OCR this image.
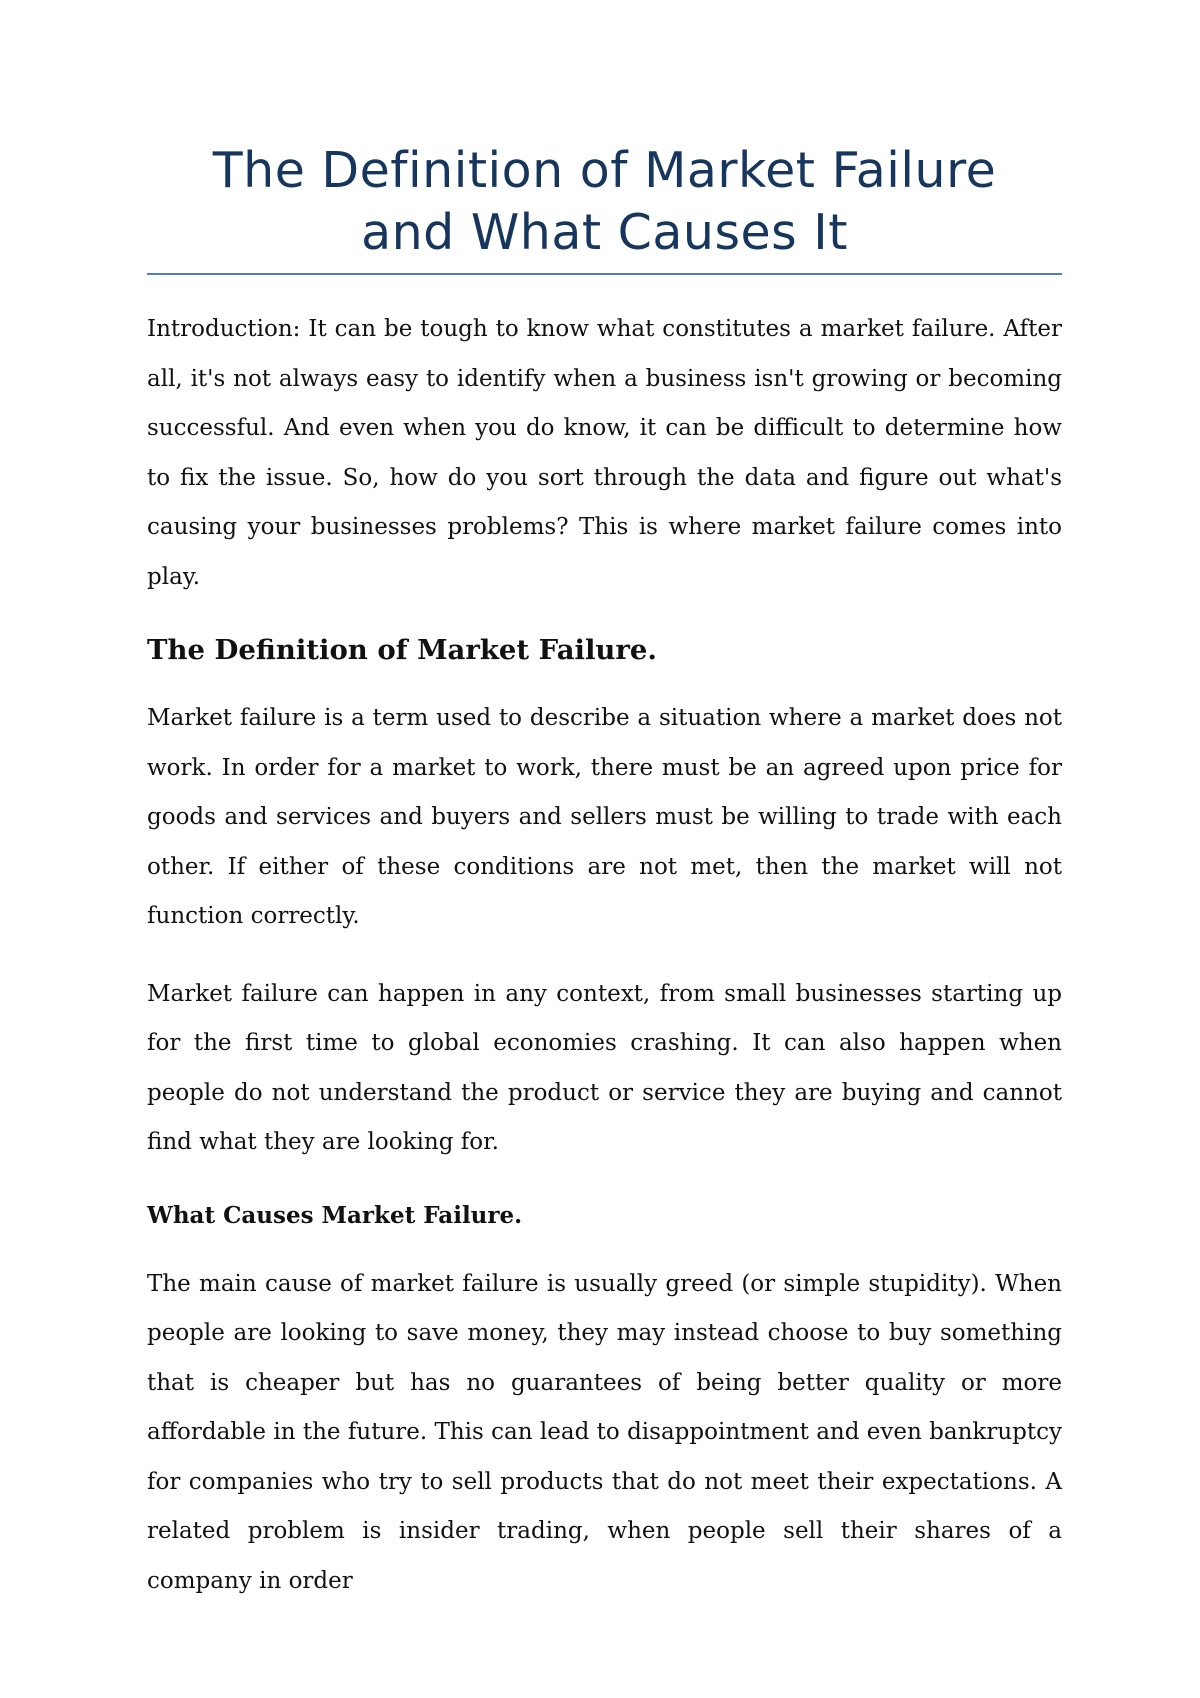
The Definition of Market Failure
and What Causes It

Introduction: It can be tough to know what constitutes a market failure. After all, it's not always easy to identify when a business isn't growing or becoming successful. And even when you do know, it can be difficult to determine how to fix the issue. So, how do you sort through the data and figure out what's causing your businesses problems? This is where market failure comes into play.

The Definition of Market Failure.

Market failure is a term used to describe a situation where a market does not work. In order for a market to work, there must be an agreed upon price for goods and services and buyers and sellers must be willing to trade with each other. If either of these conditions are not met, then the market will not function correctly.

Market failure can happen in any context, from small businesses starting up for the first time to global economies crashing. It can also happen when people do not understand the product or service they are buying and cannot find what they are looking for.

What Causes Market Failure.

The main cause of market failure is usually greed (or simple stupidity). When people are looking to save money, they may instead choose to buy something that is cheaper but has no guarantees of being better quality or more affordable in the future. This can lead to disappointment and even bankruptcy for companies who try to sell products that do not meet their expectations. A related problem is insider trading, when people sell their shares of a company in order
